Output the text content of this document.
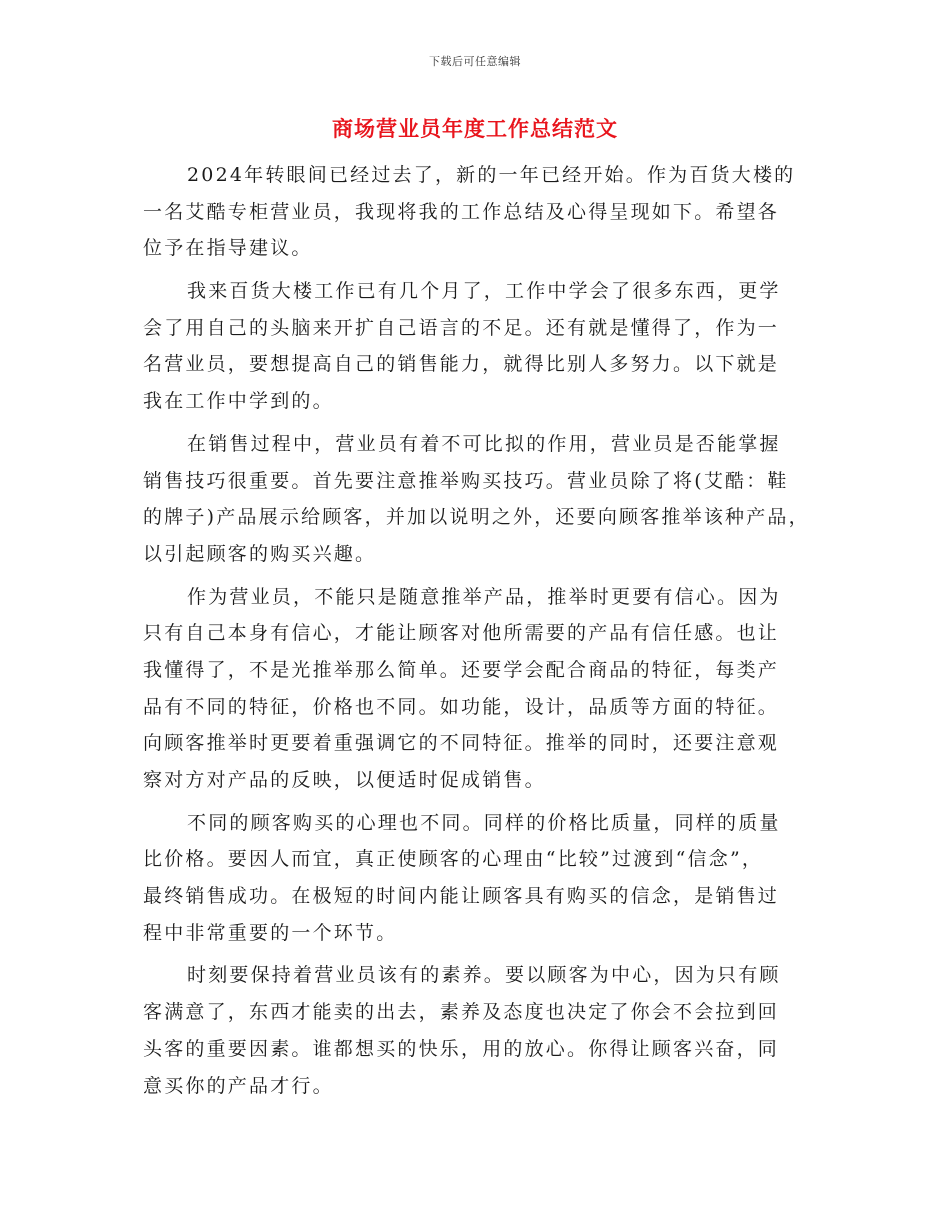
下载后可任意编辑
商场营业员年度工作总结范文
2024年转眼间已经过去了，新的一年已经开始。作为百货大楼的
一名艾酷专柜营业员，我现将我的工作总结及心得呈现如下。希望各
位予在指导建议。
我来百货大楼工作已有几个月了，工作中学会了很多东西，更学
会了用自己的头脑来开扩自己语言的不足。还有就是懂得了，作为一
名营业员，要想提高自己的销售能力，就得比别人多努力。以下就是
我在工作中学到的。
在销售过程中，营业员有着不可比拟的作用，营业员是否能掌握
销售技巧很重要。首先要注意推举购买技巧。营业员除了将(艾酷：鞋
的牌子)产品展示给顾客，并加以说明之外，还要向顾客推举该种产品，
以引起顾客的购买兴趣。
作为营业员，不能只是随意推举产品，推举时更要有信心。因为
只有自己本身有信心，才能让顾客对他所需要的产品有信任感。也让
我懂得了，不是光推举那么简单。还要学会配合商品的特征，每类产
品有不同的特征，价格也不同。如功能，设计，品质等方面的特征。
向顾客推举时更要着重强调它的不同特征。推举的同时，还要注意观
察对方对产品的反映，以便适时促成销售。
不同的顾客购买的心理也不同。同样的价格比质量，同样的质量
比价格。要因人而宜，真正使顾客的心理由“比较”过渡到“信念”，
最终销售成功。在极短的时间内能让顾客具有购买的信念，是销售过
程中非常重要的一个环节。
时刻要保持着营业员该有的素养。要以顾客为中心，因为只有顾
客满意了，东西才能卖的出去，素养及态度也决定了你会不会拉到回
头客的重要因素。谁都想买的快乐，用的放心。你得让顾客兴奋，同
意买你的产品才行。
